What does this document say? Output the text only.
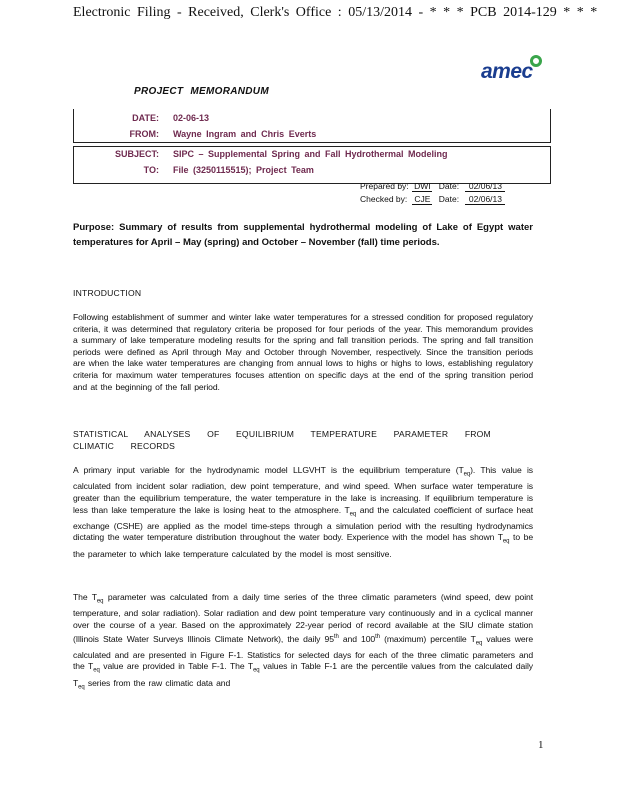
Electronic Filing - Received, Clerk's Office : 05/13/2014 - * * * PCB 2014-129 * * *
PROJECT MEMORANDUM
amec
DATE: 02-06-13
FROM: Wayne Ingram and Chris Everts
SUBJECT: SIPC – Supplemental Spring and Fall Hydrothermal Modeling
TO: File (3250115515); Project Team
Prepared by: DWI Date: 02/06/13
Checked by: CJE Date: 02/06/13
Purpose: Summary of results from supplemental hydrothermal modeling of Lake of Egypt water temperatures for April – May (spring) and October – November (fall) time periods.
INTRODUCTION
Following establishment of summer and winter lake water temperatures for a stressed condition for proposed regulatory criteria, it was determined that regulatory criteria be proposed for four periods of the year. This memorandum provides a summary of lake temperature modeling results for the spring and fall transition periods. The spring and fall transition periods were defined as April through May and October through November, respectively. Since the transition periods are when the lake water temperatures are changing from annual lows to highs or highs to lows, establishing regulatory criteria for maximum water temperatures focuses attention on specific days at the end of the spring transition period and at the beginning of the fall period.
STATISTICAL ANALYSES OF EQUILIBRIUM TEMPERATURE PARAMETER FROM CLIMATIC RECORDS
A primary input variable for the hydrodynamic model LLGVHT is the equilibrium temperature $(T_{eq})$. This value is calculated from incident solar radiation, dew point temperature, and wind speed. When surface water temperature is greater than the equilibrium temperature, the water temperature in the lake is increasing. If equilibrium temperature is less than lake temperature the lake is losing heat to the atmosphere. $T_{eq}$ and the calculated coefficient of surface heat exchange (CSHE) are applied as the model time-steps through a simulation period with the resulting hydrodynamics dictating the water temperature distribution throughout the water body. Experience with the model has shown $T_{eq}$ to be the parameter to which lake temperature calculated by the model is most sensitive.
The $T_{eq}$ parameter was calculated from a daily time series of the three climatic parameters (wind speed, dew point temperature, and solar radiation). Solar radiation and dew point temperature vary continuously and in a cyclical manner over the course of a year. Based on the approximately 22-year period of record available at the SIU climate station (Illinois State Water Surveys Illinois Climate Network), the daily 95th and 100th (maximum) percentile $T_{eq}$ values were calculated and are presented in Figure F-1. Statistics for selected days for each of the three climatic parameters and the $T_{eq}$ value are provided in Table F-1. The $T_{eq}$ values in Table F-1 are the percentile values from the calculated daily $T_{eq}$ series from the raw climatic data and
1
